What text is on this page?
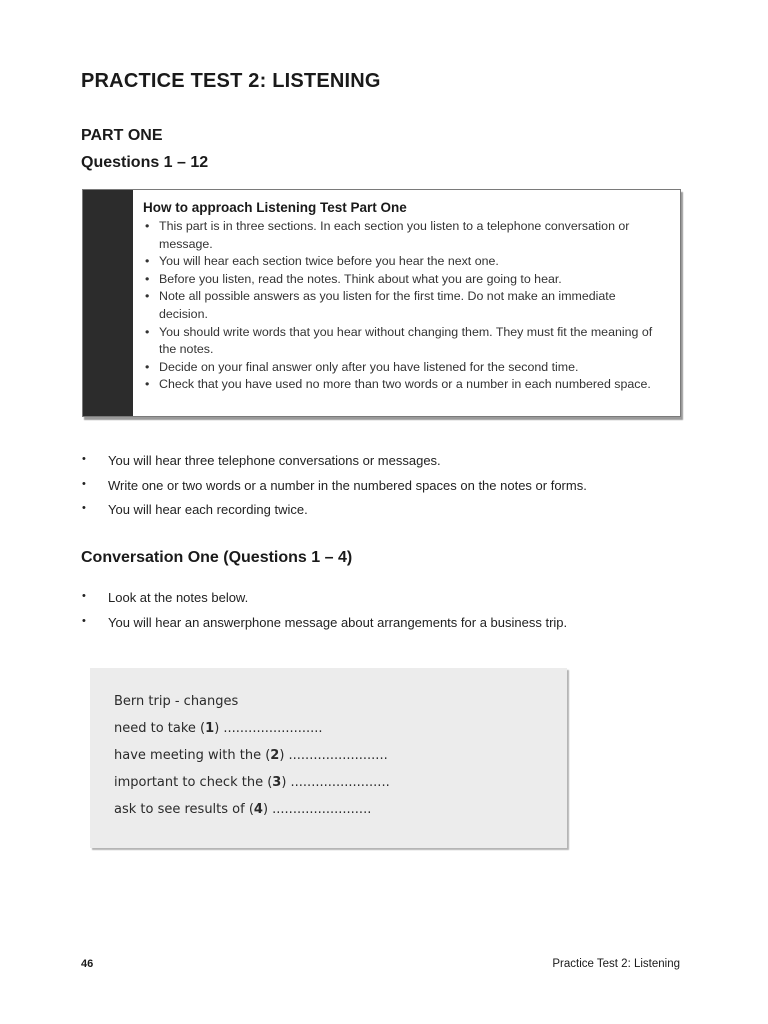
PRACTICE TEST 2: LISTENING
PART ONE
Questions 1 – 12
How to approach Listening Test Part One
• This part is in three sections. In each section you listen to a telephone conversation or message.
• You will hear each section twice before you hear the next one.
• Before you listen, read the notes. Think about what you are going to hear.
• Note all possible answers as you listen for the first time. Do not make an immediate decision.
• You should write words that you hear without changing them. They must fit the meaning of the notes.
• Decide on your final answer only after you have listened for the second time.
• Check that you have used no more than two words or a number in each numbered space.
• You will hear three telephone conversations or messages.
• Write one or two words or a number in the numbered spaces on the notes or forms.
• You will hear each recording twice.
Conversation One (Questions 1 – 4)
• Look at the notes below.
• You will hear an answerphone message about arrangements for a business trip.
Bern trip - changes
need to take (1) ........................
have meeting with the (2) ........................
important to check the (3) ........................
ask to see results of (4) ........................
46	Practice Test 2: Listening
